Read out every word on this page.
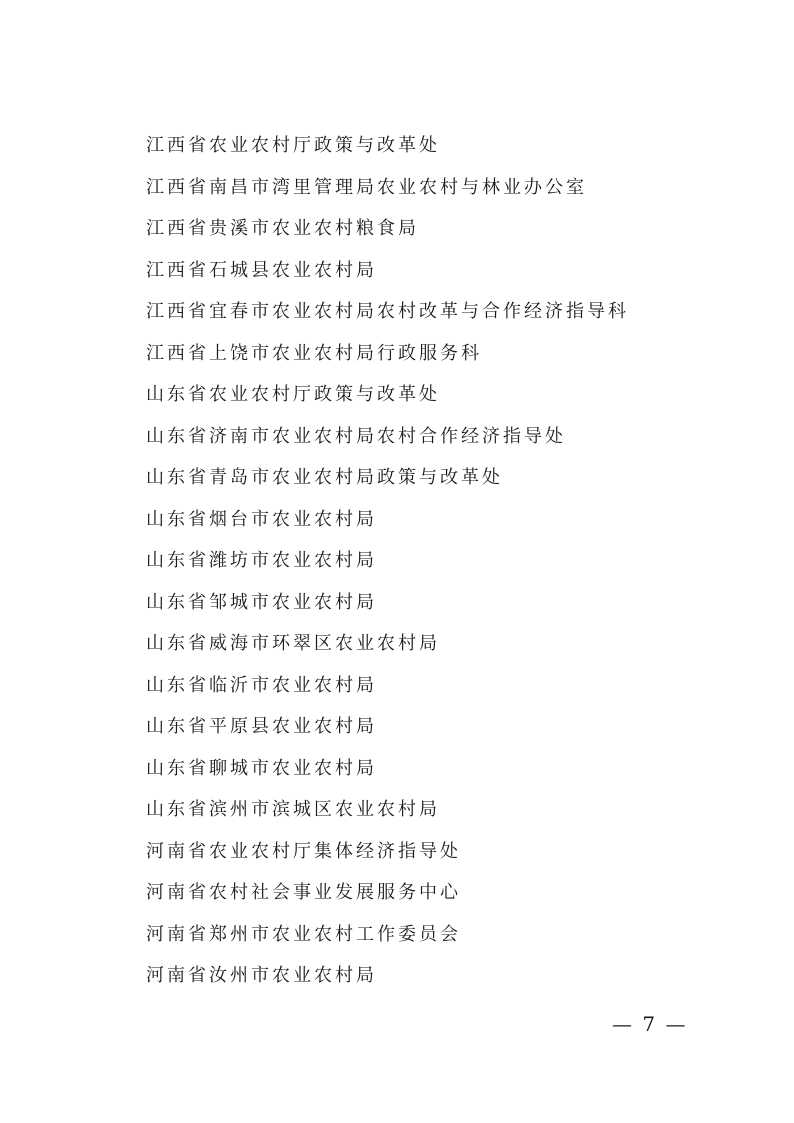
江西省农业农村厅政策与改革处
江西省南昌市湾里管理局农业农村与林业办公室
江西省贵溪市农业农村粮食局
江西省石城县农业农村局
江西省宜春市农业农村局农村改革与合作经济指导科
江西省上饶市农业农村局行政服务科
山东省农业农村厅政策与改革处
山东省济南市农业农村局农村合作经济指导处
山东省青岛市农业农村局政策与改革处
山东省烟台市农业农村局
山东省潍坊市农业农村局
山东省邹城市农业农村局
山东省威海市环翠区农业农村局
山东省临沂市农业农村局
山东省平原县农业农村局
山东省聊城市农业农村局
山东省滨州市滨城区农业农村局
河南省农业农村厅集体经济指导处
河南省农村社会事业发展服务中心
河南省郑州市农业农村工作委员会
河南省汝州市农业农村局
— 7 —
